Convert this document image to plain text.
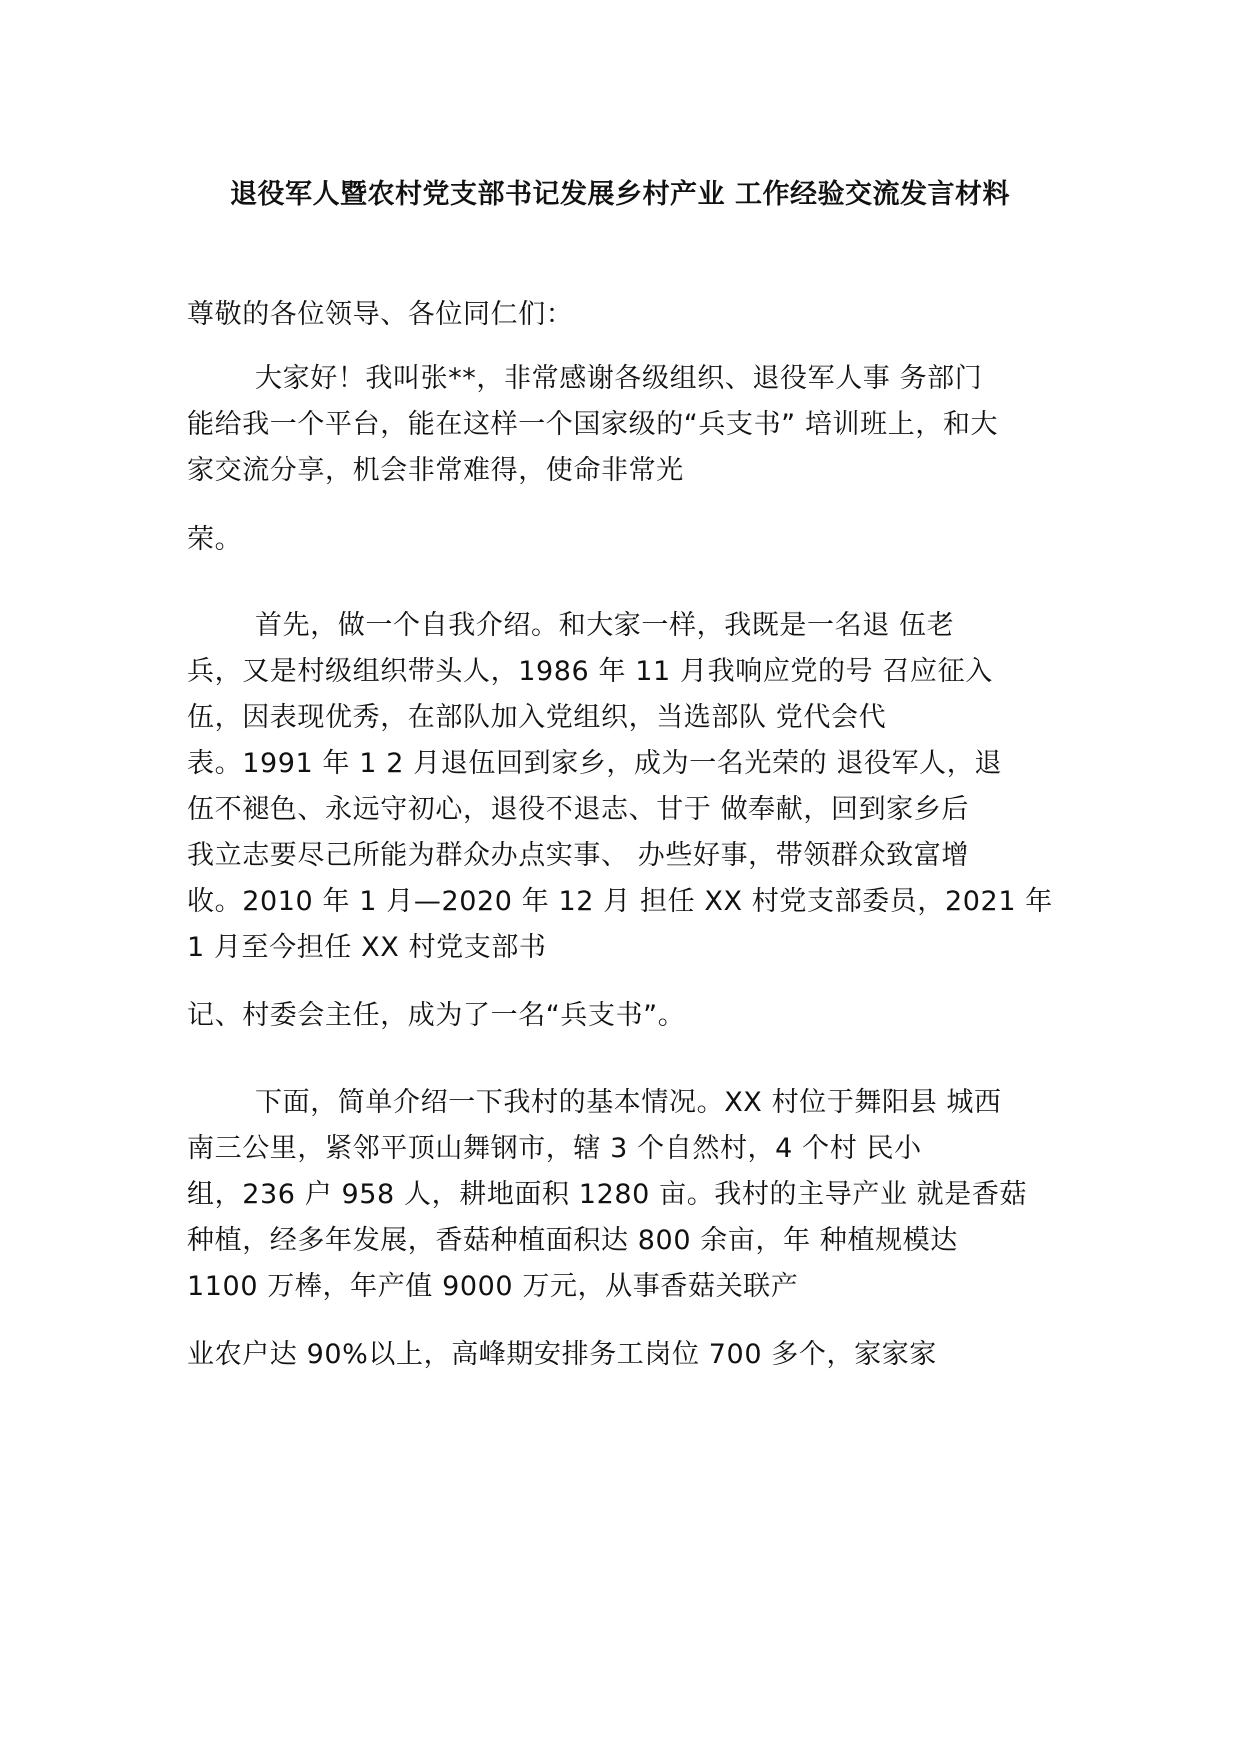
退役军人暨农村党支部书记发展乡村产业 工作经验交流发言材料
尊敬的各位领导、各位同仁们：
大家好！我叫张**，非常感谢各级组织、退役军人事 务部门
能给我一个平台，能在这样一个国家级的“兵支书” 培训班上，和大
家交流分享，机会非常难得，使命非常光
荣。
首先，做一个自我介绍。和大家一样，我既是一名退 伍老
兵，又是村级组织带头人，1986 年 11 月我响应党的号 召应征入
伍，因表现优秀，在部队加入党组织，当选部队 党代会代
表。1991 年 1 2 月退伍回到家乡，成为一名光荣的 退役军人，退
伍不褪色、永远守初心，退役不退志、甘于 做奉献，回到家乡后
我立志要尽己所能为群众办点实事、 办些好事，带领群众致富增
收。2010 年 1 月—2020 年 12 月 担任 XX 村党支部委员，2021 年
1 月至今担任 XX 村党支部书
记、村委会主任，成为了一名“兵支书”。
下面，简单介绍一下我村的基本情况。XX 村位于舞阳县 城西
南三公里，紧邻平顶山舞钢市，辖 3 个自然村，4 个村 民小
组，236 户 958 人，耕地面积 1280 亩。我村的主导产业 就是香菇
种植，经多年发展，香菇种植面积达 800 余亩，年 种植规模达
1100 万棒，年产值 9000 万元，从事香菇关联产
业农户达 90%以上，高峰期安排务工岗位 700 多个，家家家
